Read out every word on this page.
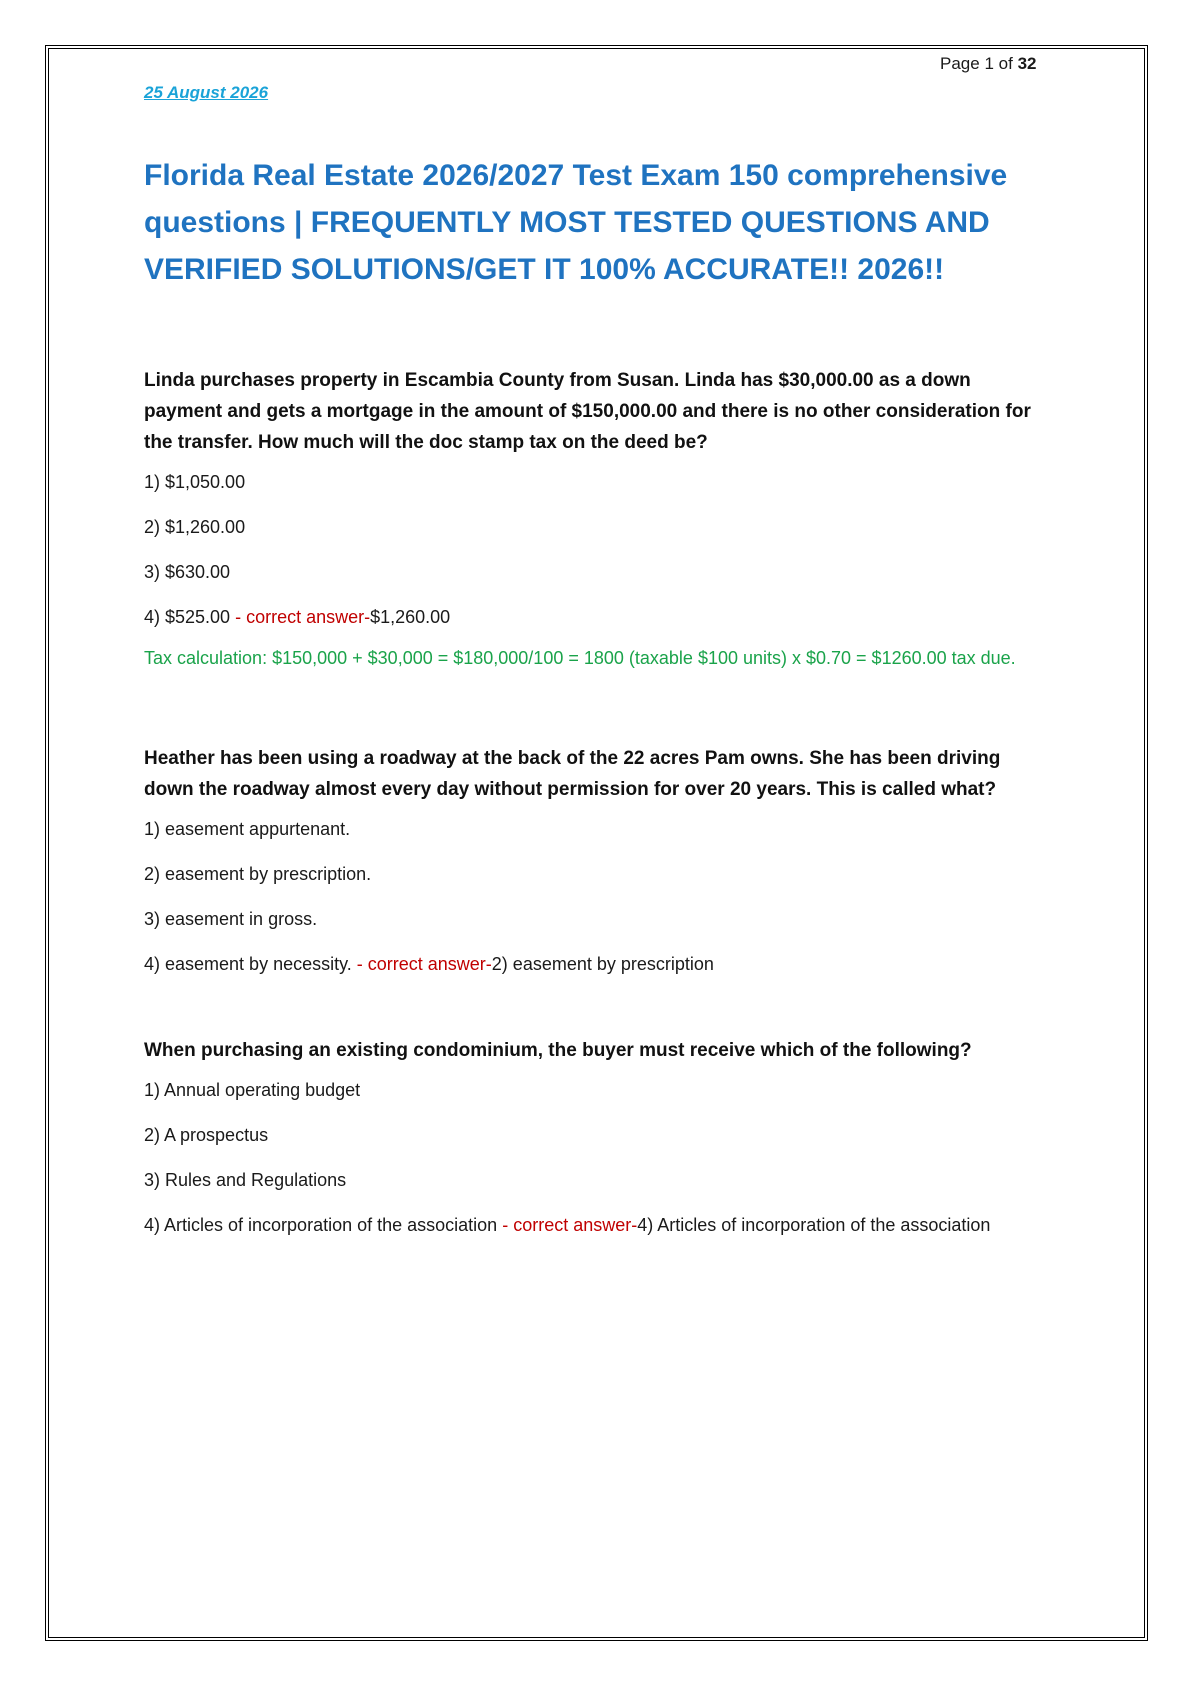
Page 1 of 32
25 August 2026
Florida Real Estate 2026/2027 Test Exam 150 comprehensive questions | FREQUENTLY MOST TESTED QUESTIONS AND VERIFIED SOLUTIONS/GET IT 100% ACCURATE!! 2026!!

Linda purchases property in Escambia County from Susan. Linda has $30,000.00 as a down payment and gets a mortgage in the amount of $150,000.00 and there is no other consideration for the transfer. How much will the doc stamp tax on the deed be?

1) $1,050.00

2) $1,260.00

3) $630.00

4) $525.00 - correct answer-$1,260.00

Tax calculation: $150,000 + $30,000 = $180,000/100 = 1800 (taxable $100 units) x $0.70 = $1260.00 tax due.

Heather has been using a roadway at the back of the 22 acres Pam owns. She has been driving down the roadway almost every day without permission for over 20 years. This is called what?

1) easement appurtenant.

2) easement by prescription.

3) easement in gross.

4) easement by necessity. - correct answer-2) easement by prescription

When purchasing an existing condominium, the buyer must receive which of the following?

1) Annual operating budget

2) A prospectus

3) Rules and Regulations

4) Articles of incorporation of the association - correct answer-4) Articles of incorporation of the association
